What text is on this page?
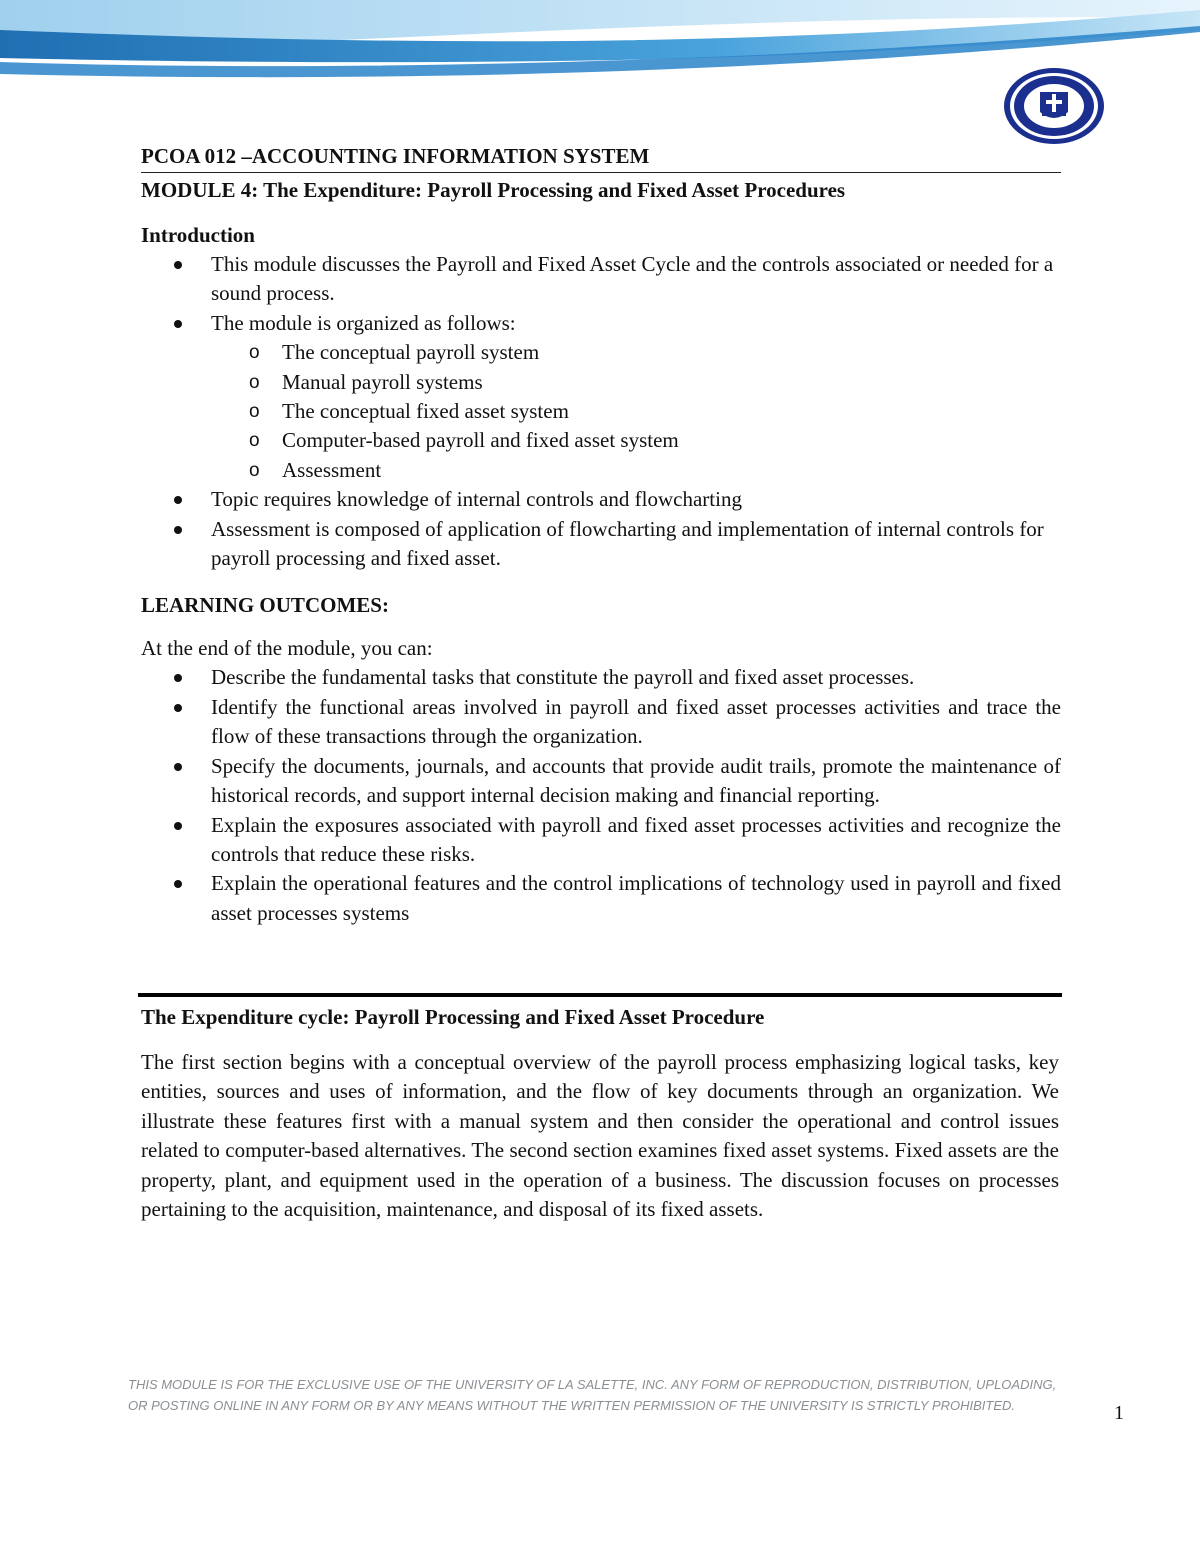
PCOA 012 –ACCOUNTING INFORMATION SYSTEM
MODULE 4: The Expenditure: Payroll Processing and Fixed Asset Procedures
Introduction
This module discusses the Payroll and Fixed Asset Cycle and the controls associated or needed for a sound process.
The module is organized as follows:
o The conceptual payroll system
o Manual payroll systems
o The conceptual fixed asset system
o Computer-based payroll and fixed asset system
o Assessment
Topic requires knowledge of internal controls and flowcharting
Assessment is composed of application of flowcharting and implementation of internal controls for payroll processing and fixed asset.
LEARNING OUTCOMES:

At the end of the module, you can:

Describe the fundamental tasks that constitute the payroll and fixed asset processes.
Identify the functional areas involved in payroll and fixed asset processes activities and trace the flow of these transactions through the organization.
Specify the documents, journals, and accounts that provide audit trails, promote the maintenance of historical records, and support internal decision making and financial reporting.
Explain the exposures associated with payroll and fixed asset processes activities and recognize the controls that reduce these risks.
Explain the operational features and the control implications of technology used in payroll and fixed asset processes systems
The Expenditure cycle: Payroll Processing and Fixed Asset Procedure

The first section begins with a conceptual overview of the payroll process emphasizing logical tasks, key entities, sources and uses of information, and the flow of key documents through an organization. We illustrate these features first with a manual system and then consider the operational and control issues related to computer-based alternatives. The second section examines fixed asset systems. Fixed assets are the property, plant, and equipment used in the operation of a business. The discussion focuses on processes pertaining to the acquisition, maintenance, and disposal of its fixed assets.

THIS MODULE IS FOR THE EXCLUSIVE USE OF THE UNIVERSITY OF LA SALETTE, INC. ANY FORM OF REPRODUCTION, DISTRIBUTION, UPLOADING, OR POSTING ONLINE IN ANY FORM OR BY ANY MEANS WITHOUT THE WRITTEN PERMISSION OF THE UNIVERSITY IS STRICTLY PROHIBITED.	1
